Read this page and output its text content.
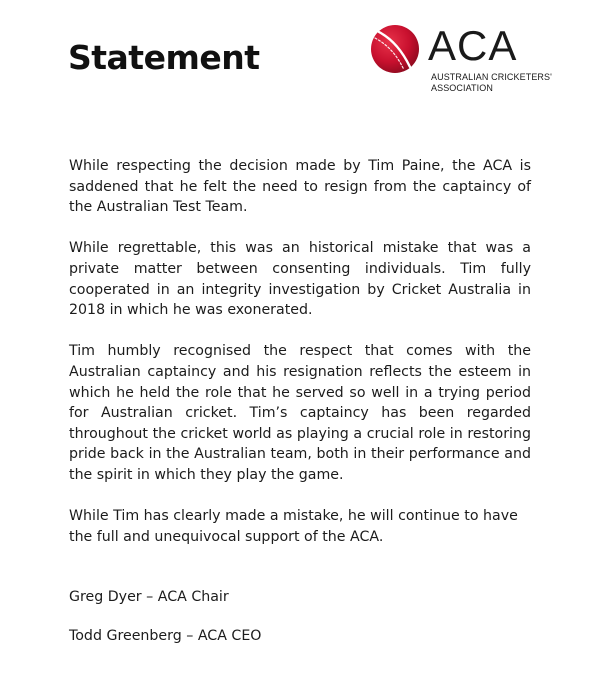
Statement	ACA
AUSTRALIAN CRICKETERS'
ASSOCIATION

While respecting the decision made by Tim Paine, the ACA is saddened that he felt the need to resign from the captaincy of the Australian Test Team.

While regrettable, this was an historical mistake that was a private matter between consenting individuals. Tim fully cooperated in an integrity investigation by Cricket Australia in 2018 in which he was exonerated.

Tim humbly recognised the respect that comes with the Australian captaincy and his resignation reflects the esteem in which he held the role that he served so well in a trying period for Australian cricket. Tim’s captaincy has been regarded throughout the cricket world as playing a crucial role in restoring pride back in the Australian team, both in their performance and the spirit in which they play the game.

While Tim has clearly made a mistake, he will continue to have the full and unequivocal support of the ACA.

Greg Dyer – ACA Chair
Todd Greenberg – ACA CEO
